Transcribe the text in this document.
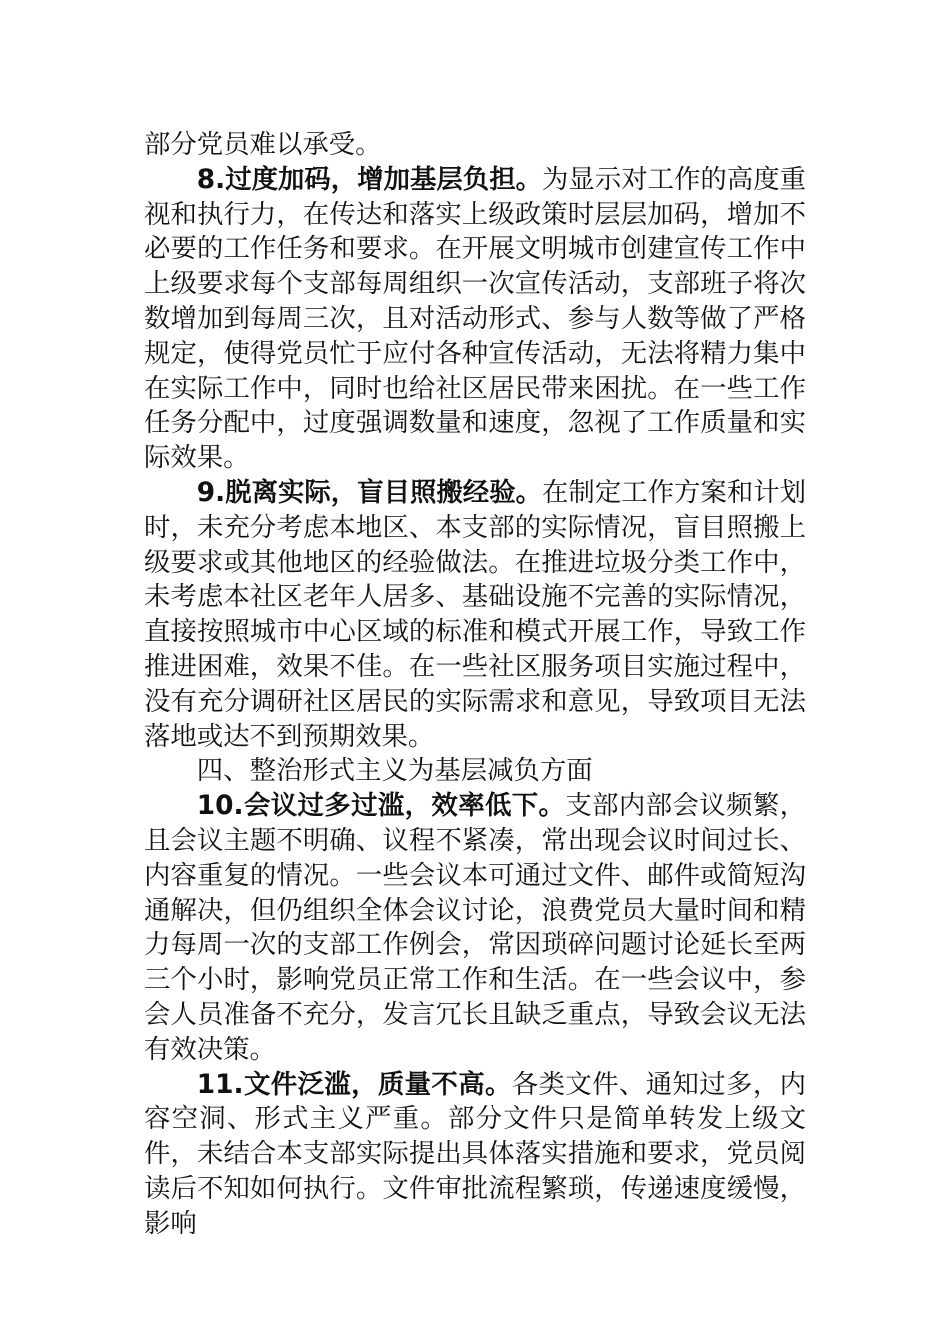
部分党员难以承受。

8.过度加码，增加基层负担。为显示对工作的高度重视和执行力，在传达和落实上级政策时层层加码，增加不必要的工作任务和要求。在开展文明城市创建宣传工作中上级要求每个支部每周组织一次宣传活动，支部班子将次数增加到每周三次，且对活动形式、参与人数等做了严格规定，使得党员忙于应付各种宣传活动，无法将精力集中在实际工作中，同时也给社区居民带来困扰。在一些工作任务分配中，过度强调数量和速度，忽视了工作质量和实际效果。

9.脱离实际，盲目照搬经验。在制定工作方案和计划时，未充分考虑本地区、本支部的实际情况，盲目照搬上级要求或其他地区的经验做法。在推进垃圾分类工作中，未考虑本社区老年人居多、基础设施不完善的实际情况，直接按照城市中心区域的标准和模式开展工作，导致工作推进困难，效果不佳。在一些社区服务项目实施过程中，没有充分调研社区居民的实际需求和意见，导致项目无法落地或达不到预期效果。

四、整治形式主义为基层减负方面

10.会议过多过滥，效率低下。支部内部会议频繁，且会议主题不明确、议程不紧凑，常出现会议时间过长、内容重复的情况。一些会议本可通过文件、邮件或简短沟通解决，但仍组织全体会议讨论，浪费党员大量时间和精力每周一次的支部工作例会，常因琐碎问题讨论延长至两三个小时，影响党员正常工作和生活。在一些会议中，参会人员准备不充分，发言冗长且缺乏重点，导致会议无法有效决策。

11.文件泛滥，质量不高。各类文件、通知过多，内容空洞、形式主义严重。部分文件只是简单转发上级文件，未结合本支部实际提出具体落实措施和要求，党员阅读后不知如何执行。文件审批流程繁琐，传递速度缓慢，影响
